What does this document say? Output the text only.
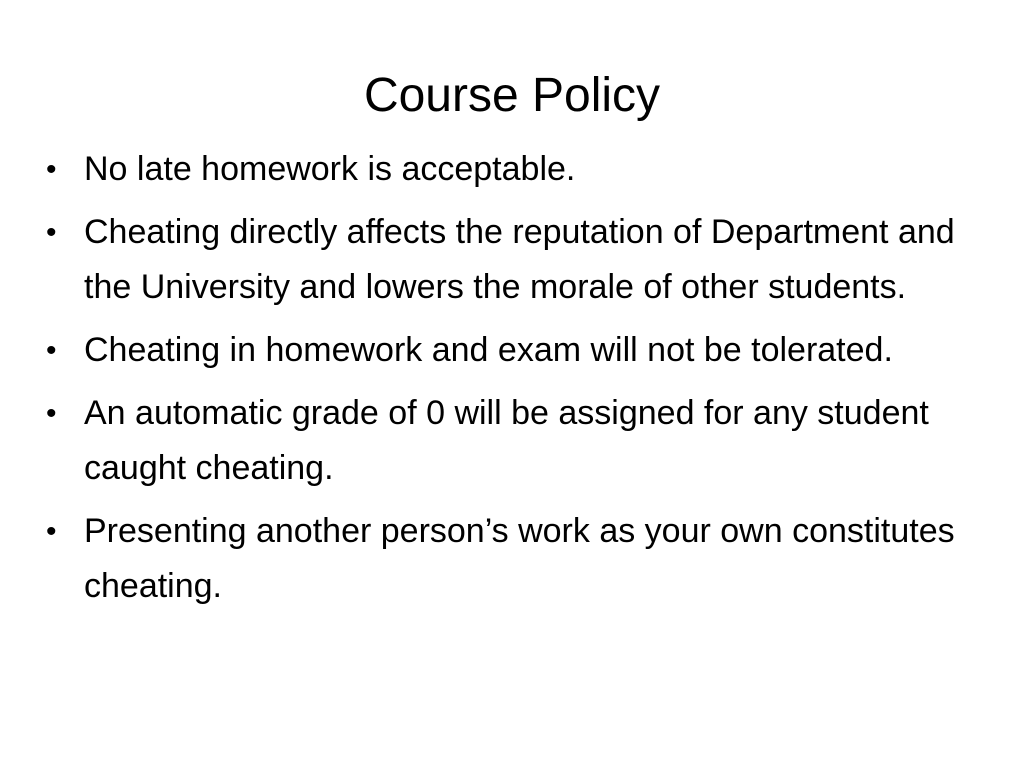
Course Policy
• No late homework is acceptable.
• Cheating directly affects the reputation of Department and the University and lowers the morale of other students.
• Cheating in homework and exam will not be tolerated.
• An automatic grade of 0 will be assigned for any student caught cheating.
• Presenting another person’s work as your own constitutes cheating.
